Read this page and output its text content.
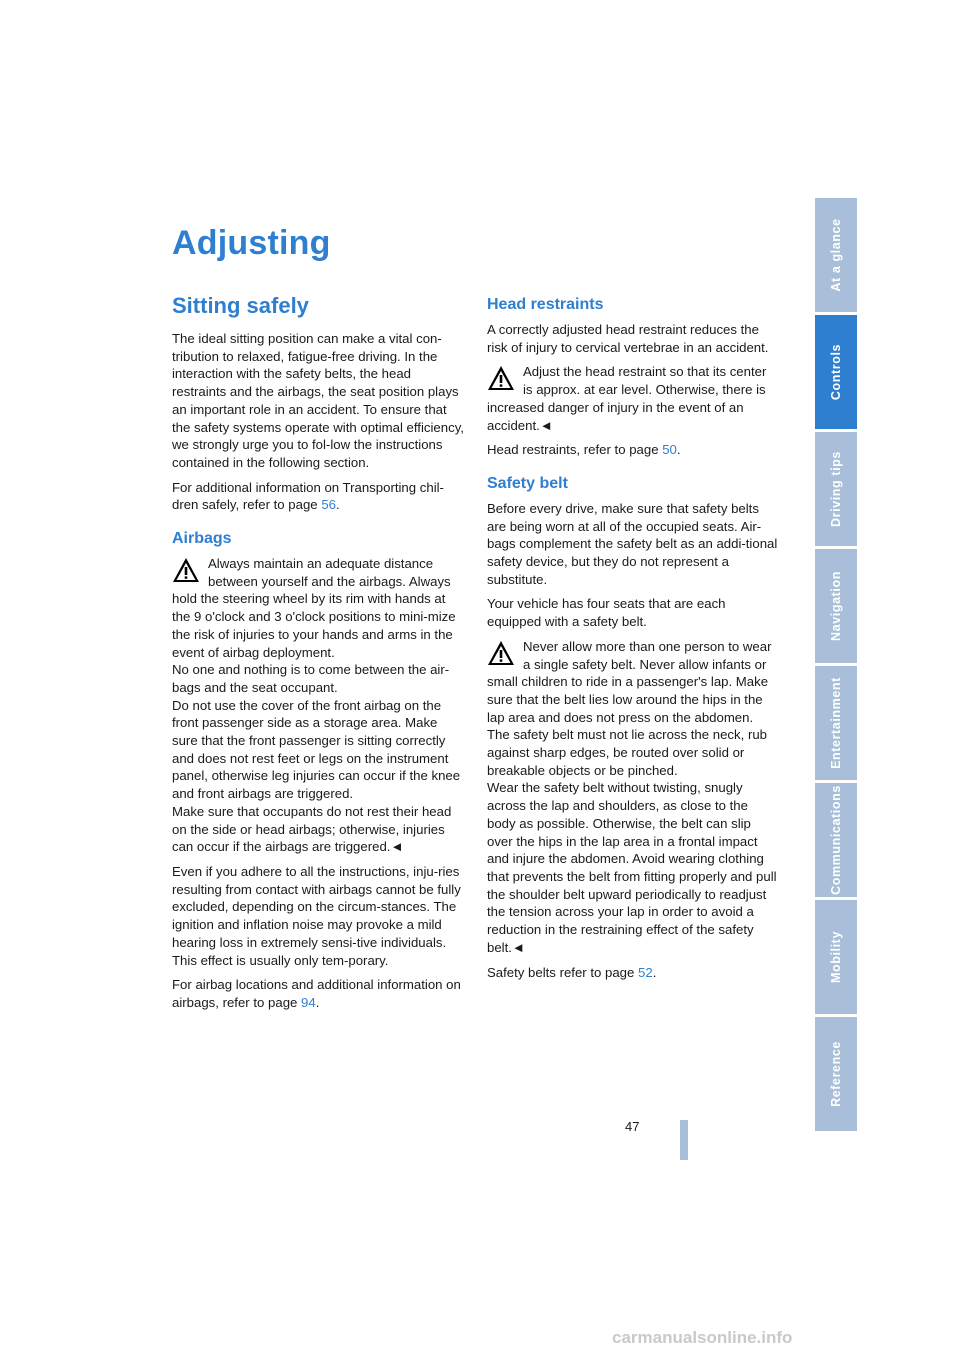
Adjusting
Sitting safely

The ideal sitting position can make a vital con-tribution to relaxed, fatigue-free driving. In the interaction with the safety belts, the head restraints and the airbags, the seat position plays an important role in an accident. To ensure that the safety systems operate with optimal efficiency, we strongly urge you to fol-low the instructions contained in the following section.

For additional information on Transporting chil-dren safely, refer to page 56.

Airbags
Always maintain an adequate distance between yourself and the airbags. Always hold the steering wheel by its rim with hands at the 9 o'clock and 3 o'clock positions to mini-mize the risk of injuries to your hands and arms in the event of airbag deployment.
No one and nothing is to come between the air-bags and the seat occupant.
Do not use the cover of the front airbag on the front passenger side as a storage area. Make sure that the front passenger is sitting correctly and does not rest feet or legs on the instrument panel, otherwise leg injuries can occur if the knee and front airbags are triggered.
Make sure that occupants do not rest their head on the side or head airbags; otherwise, injuries can occur if the airbags are triggered.◄

Even if you adhere to all the instructions, inju-ries resulting from contact with airbags cannot be fully excluded, depending on the circum-stances. The ignition and inflation noise may provoke a mild hearing loss in extremely sensi-tive individuals. This effect is usually only tem-porary.

For airbag locations and additional information on airbags, refer to page 94.

Head restraints

A correctly adjusted head restraint reduces the risk of injury to cervical vertebrae in an accident.

Adjust the head restraint so that its center is approx. at ear level. Otherwise, there is increased danger of injury in the event of an accident.◄

Head restraints, refer to page 50.

Safety belt

Before every drive, make sure that safety belts are being worn at all of the occupied seats. Air-bags complement the safety belt as an addi-tional safety device, but they do not represent a substitute.

Your vehicle has four seats that are each equipped with a safety belt.

Never allow more than one person to wear a single safety belt. Never allow infants or small children to ride in a passenger's lap. Make sure that the belt lies low around the hips in the lap area and does not press on the abdomen. The safety belt must not lie across the neck, rub against sharp edges, be routed over solid or breakable objects or be pinched.
Wear the safety belt without twisting, snugly across the lap and shoulders, as close to the body as possible. Otherwise, the belt can slip over the hips in the lap area in a frontal impact and injure the abdomen. Avoid wearing clothing that prevents the belt from fitting properly and pull the shoulder belt upward periodically to readjust the tension across your lap in order to avoid a reduction in the restraining effect of the safety belt.◄

Safety belts refer to page 52.

At a glance
Controls
Driving tips
Navigation
Entertainment
Communications
Mobility
Reference
47
carmanualsonline.info
